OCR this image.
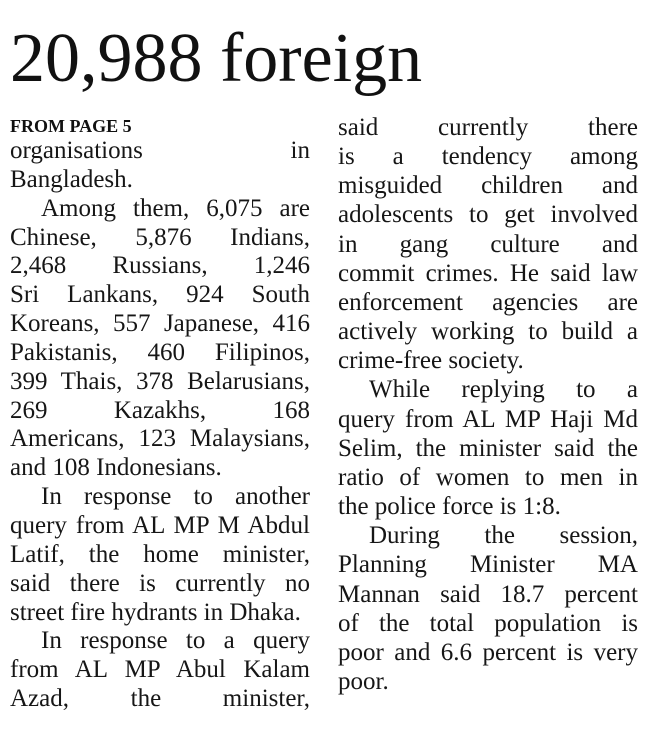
20,988 foreign
FROM PAGE 5
organisations in
Bangladesh.
Among them, 6,075 are
Chinese, 5,876 Indians,
2,468 Russians, 1,246
Sri Lankans, 924 South
Koreans, 557 Japanese, 416
Pakistanis, 460 Filipinos,
399 Thais, 378 Belarusians,
269 Kazakhs, 168
Americans, 123 Malaysians,
and 108 Indonesians.
In response to another
query from AL MP M Abdul
Latif, the home minister,
said there is currently no
street fire hydrants in Dhaka.
In response to a query
from AL MP Abul Kalam
Azad, the minister,
said currently there
is a tendency among
misguided children and
adolescents to get involved
in gang culture and
commit crimes. He said law
enforcement agencies are
actively working to build a
crime-free society.
While replying to a
query from AL MP Haji Md
Selim, the minister said the
ratio of women to men in
the police force is 1:8.
During the session,
Planning Minister MA
Mannan said 18.7 percent
of the total population is
poor and 6.6 percent is very
poor.
